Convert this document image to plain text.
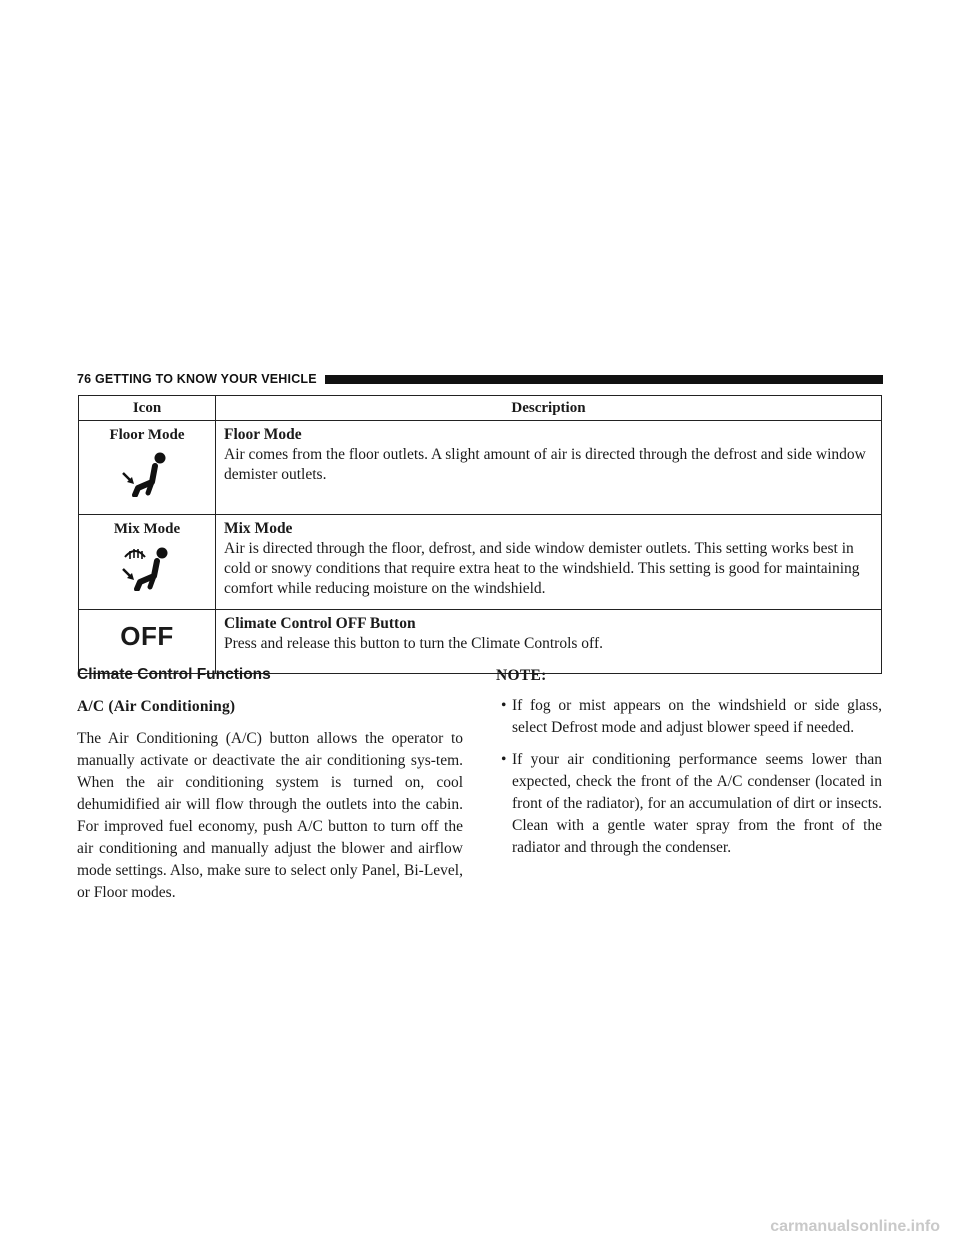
76 GETTING TO KNOW YOUR VEHICLE
Icon	Description

Floor Mode	Floor Mode
Air comes from the floor outlets. A slight amount of air is directed through the defrost and side window demister outlets.

Mix Mode	Mix Mode
Air is directed through the floor, defrost, and side window demister outlets. This setting works best in cold or snowy conditions that require extra heat to the windshield. This setting is good for maintaining comfort while reducing moisture on the windshield.
OFF	Climate Control OFF Button
Press and release this button to turn the Climate Controls off.
Climate Control Functions
A/C (Air Conditioning)

The Air Conditioning (A/C) button allows the operator to manually activate or deactivate the air conditioning sys-tem. When the air conditioning system is turned on, cool dehumidified air will flow through the outlets into the cabin. For improved fuel economy, push A/C button to turn off the air conditioning and manually adjust the blower and airflow mode settings. Also, make sure to select only Panel, Bi-Level, or Floor modes.

NOTE:
• If fog or mist appears on the windshield or side glass, select Defrost mode and adjust blower speed if needed.
• If your air conditioning performance seems lower than expected, check the front of the A/C condenser (located in front of the radiator), for an accumulation of dirt or insects. Clean with a gentle water spray from the front of the radiator and through the condenser.
carmanualsonline.info
